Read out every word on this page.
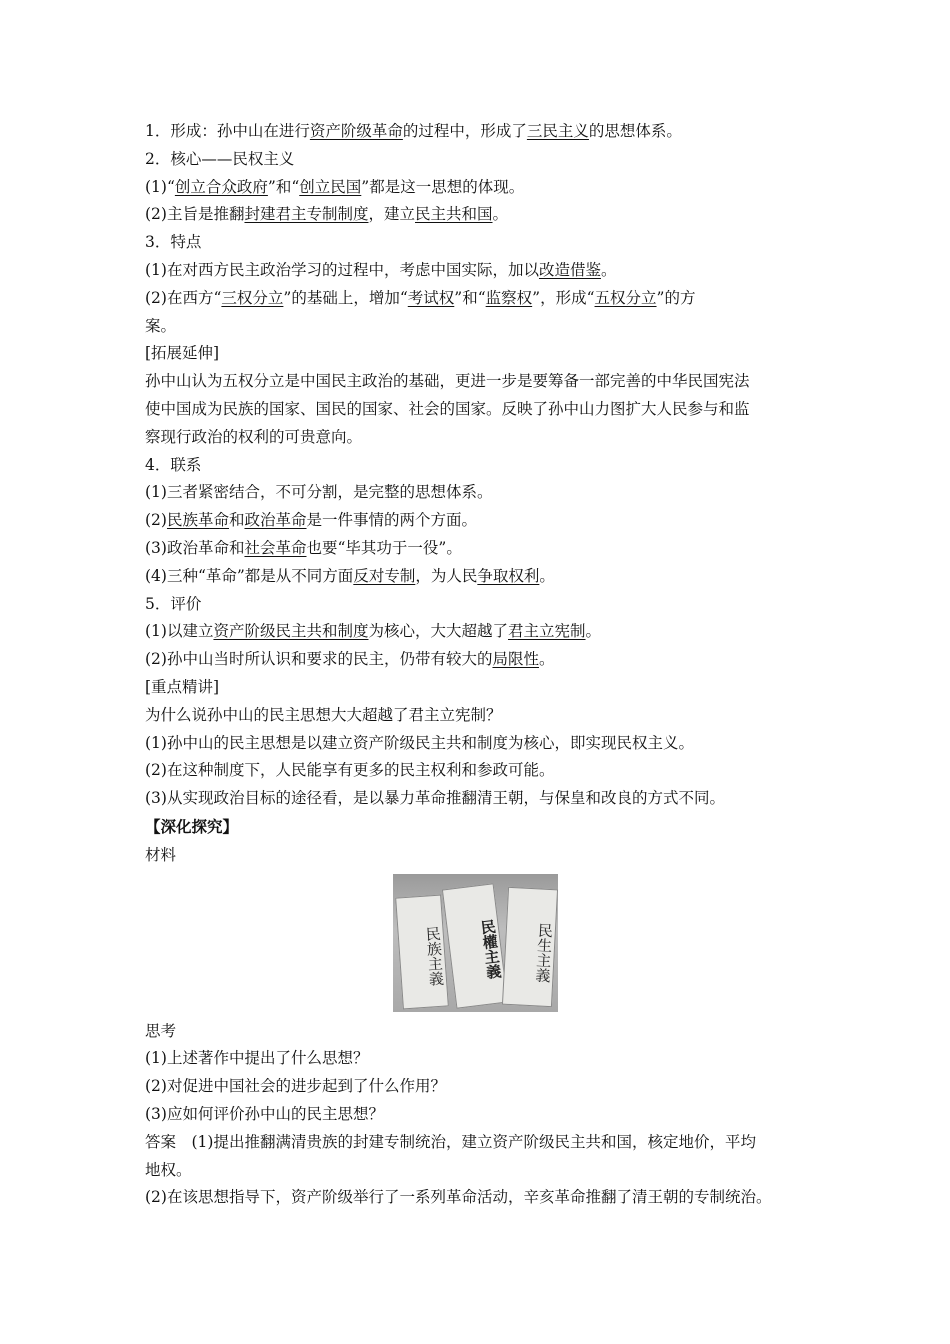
1．形成：孙中山在进行资产阶级革命的过程中，形成了三民主义的思想体系。
2．核心——民权主义
(1)“创立合众政府”和“创立民国”都是这一思想的体现。
(2)主旨是推翻封建君主专制制度，建立民主共和国。
3．特点
(1)在对西方民主政治学习的过程中，考虑中国实际，加以改造借鉴。
(2)在西方“三权分立”的基础上，增加“考试权”和“监察权”，形成“五权分立”的方
案。
[拓展延伸]
孙中山认为五权分立是中国民主政治的基础，更进一步是要筹备一部完善的中华民国宪法
使中国成为民族的国家、国民的国家、社会的国家。反映了孙中山力图扩大人民参与和监
察现行政治的权利的可贵意向。
4．联系
(1)三者紧密结合，不可分割，是完整的思想体系。
(2)民族革命和政治革命是一件事情的两个方面。
(3)政治革命和社会革命也要“毕其功于一役”。
(4)三种“革命”都是从不同方面反对专制，为人民争取权利。
5．评价
(1)以建立资产阶级民主共和制度为核心，大大超越了君主立宪制。
(2)孙中山当时所认识和要求的民主，仍带有较大的局限性。
[重点精讲]
为什么说孙中山的民主思想大大超越了君主立宪制？
(1)孙中山的民主思想是以建立资产阶级民主共和制度为核心，即实现民权主义。
(2)在这种制度下，人民能享有更多的民主权利和参政可能。
(3)从实现政治目标的途径看，是以暴力革命推翻清王朝，与保皇和改良的方式不同。
【深化探究】
材料
民族主義	民權主義	民生主義
思考
(1)上述著作中提出了什么思想？
(2)对促进中国社会的进步起到了什么作用？
(3)应如何评价孙中山的民主思想？
答案　(1)提出推翻满清贵族的封建专制统治，建立资产阶级民主共和国，核定地价，平均
地权。
(2)在该思想指导下，资产阶级举行了一系列革命活动，辛亥革命推翻了清王朝的专制统治。
